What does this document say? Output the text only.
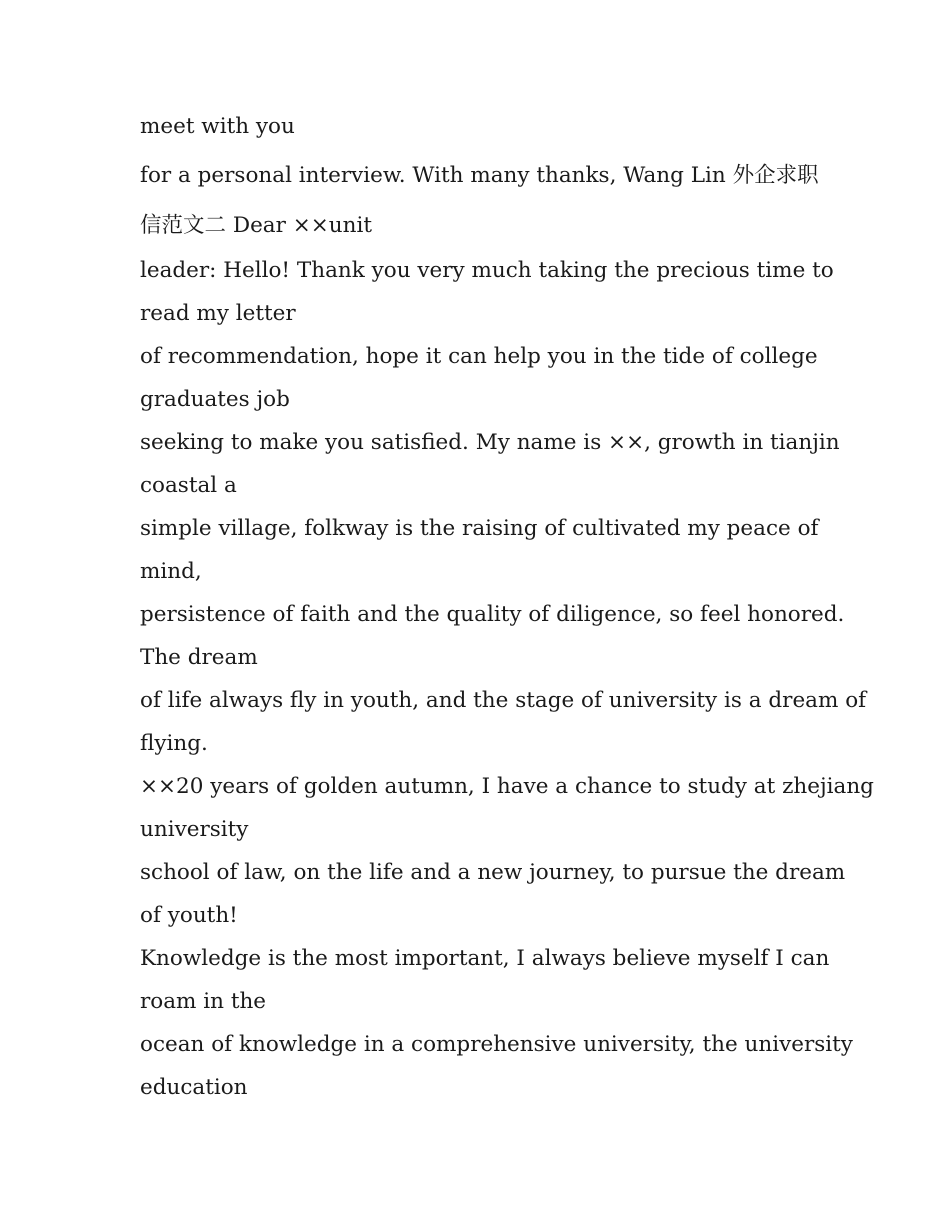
meet with you
for a personal interview. With many thanks, Wang Lin 外企求职
信范文二 Dear ××unit
leader: Hello! Thank you very much taking the precious time to
read my letter
of recommendation, hope it can help you in the tide of college
graduates job
seeking to make you satisfied. My name is ××, growth in tianjin
coastal a
simple village, folkway is the raising of cultivated my peace of
mind,
persistence of faith and the quality of diligence, so feel honored.
The dream
of life always fly in youth, and the stage of university is a dream of
flying.
××20 years of golden autumn, I have a chance to study at zhejiang
university
school of law, on the life and a new journey, to pursue the dream
of youth!
Knowledge is the most important, I always believe myself I can
roam in the
ocean of knowledge in a comprehensive university, the university
education
